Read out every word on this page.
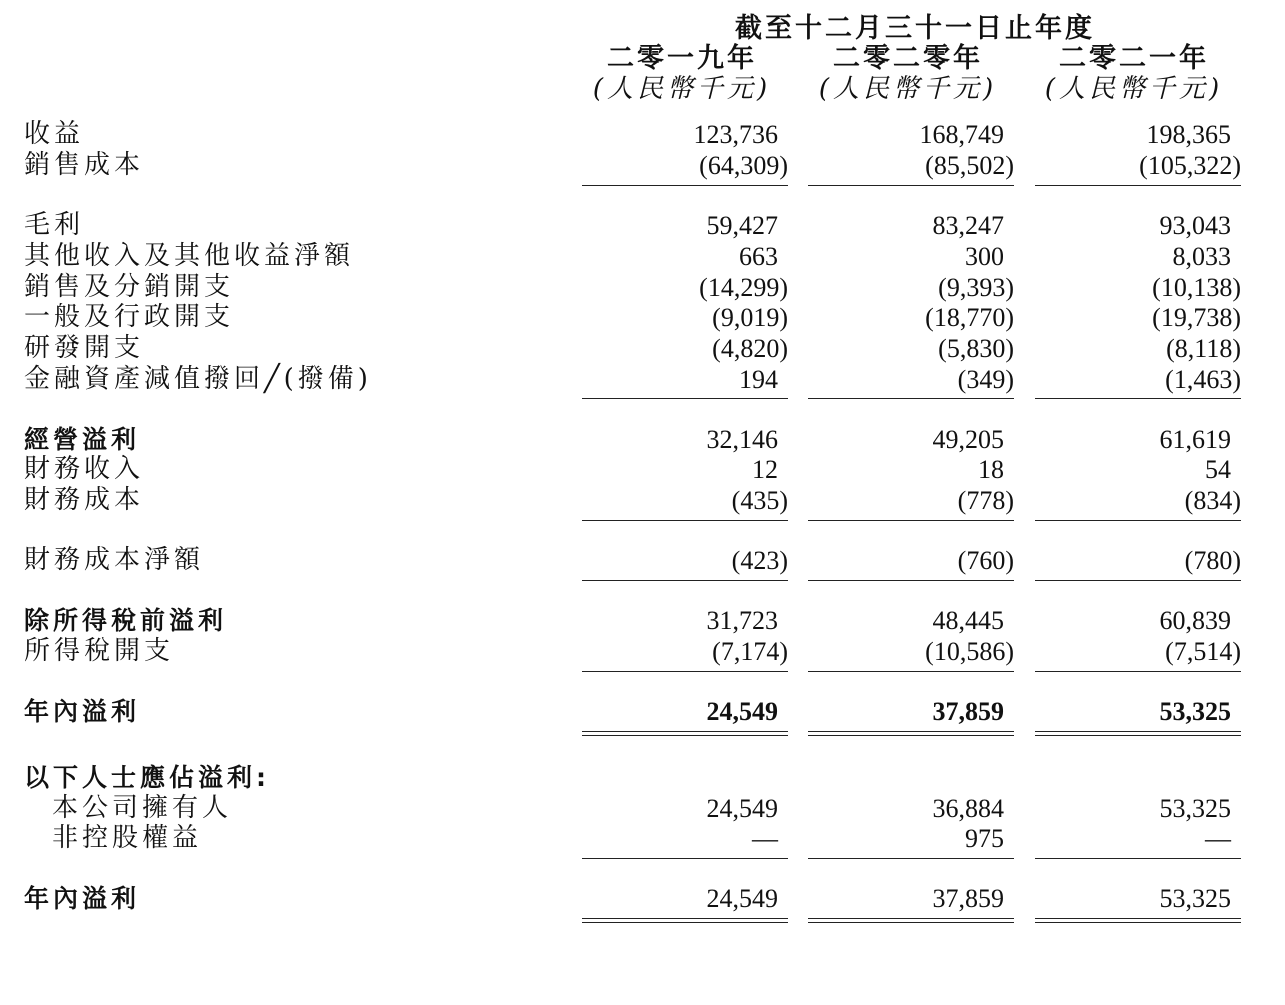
截至十二月三十一日止年度
二零一九年	二零二零年	二零二一年
(人民幣千元)	(人民幣千元)	(人民幣千元)
收益	123,736	168,749	198,365
銷售成本	(64,309)	(85,502)	(105,322)
毛利	59,427	83,247	93,043
其他收入及其他收益淨額	663	300	8,033
銷售及分銷開支	(14,299)	(9,393)	(10,138)
一般及行政開支	(9,019)	(18,770)	(19,738)
研發開支	(4,820)	(5,830)	(8,118)
金融資產減值撥回╱(撥備)	194	(349)	(1,463)
經營溢利	32,146	49,205	61,619
財務收入	12	18	54
財務成本	(435)	(778)	(834)
財務成本淨額	(423)	(760)	(780)
除所得稅前溢利	31,723	48,445	60,839
所得稅開支	(7,174)	(10,586)	(7,514)
年內溢利	24,549	37,859	53,325
以下人士應佔溢利:
本公司擁有人	24,549	36,884	53,325
非控股權益	—	975	—
年內溢利	24,549	37,859	53,325
